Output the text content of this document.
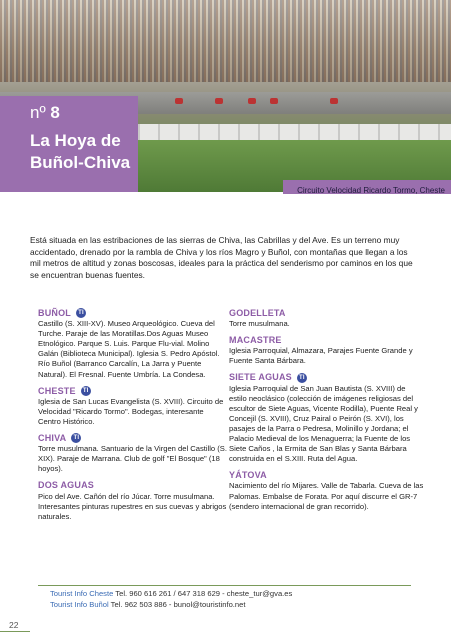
nº 8
La Hoya de
Buñol-Chiva
Circuito Velocidad Ricardo Tormo, Cheste

Está situada en las estribaciones de las sierras de Chiva, las Cabrillas y del Ave. Es un terreno muy accidentado, drenado por la rambla de Chiva y los ríos Magro y Buñol, con montañas que llegan a los mil metros de altitud y zonas boscosas, ideales para la práctica del senderismo por caminos en los que se encuentran buenas fuentes.

BUÑOL	TI

Castillo (S. XIII-XV). Museo Arqueológico. Cueva del Turche. Paraje de las Moratillas.Dos Aguas Museo Etnológico. Parque S. Luis. Parque Flu-vial. Molino Galán (Biblioteca Municipal). Iglesia S. Pedro Apóstol. Río Buñol (Barranco Carcalín, La Jarra y Puente Natural). El Fresnal. Fuente Umbría. La Condesa.

CHESTE	TI

Iglesia de San Lucas Evangelista (S. XVIII). Circuito de Velocidad "Ricardo Tormo". Bodegas, interesante Centro Histórico.

CHIVA	TI

Torre musulmana. Santuario de la Virgen del Castillo (S. XIX). Paraje de Marrana. Club de golf "El Bosque" (18 hoyos).

DOS AGUAS

Pico del Ave. Cañón del río Júcar. Torre musulmana. Interesantes pinturas rupestres en sus cuevas y abrigos naturales.

GODELLETA

Torre musulmana.

MACASTRE

Iglesia Parroquial, Almazara, Parajes Fuente Grande y Fuente Santa Bárbara.

SIETE AGUAS	TI

Iglesia Parroquial de San Juan Bautista (S. XVIII) de estilo neoclásico (colección de imágenes religiosas del escultor de Siete Aguas, Vicente Rodilla), Puente Real y Concejil (S. XVIII), Cruz Pairal o Peirón (S. XVI), los pasajes de la Parra o Pedresa, Molinillo y Jordana; el Palacio Medieval de los Menaguerra; la Fuente de los Siete Caños , la Ermita de San Blas y Santa Bárbara construida en el S.XIII. Ruta del Agua.

YÁTOVA

Nacimiento del río Mijares. Valle de Tabarla. Cueva de las Palomas. Embalse de Forata. Por aquí discurre el GR-7 (sendero internacional de gran recorrido).

Tourist Info Cheste Tel. 960 616 261 / 647 318 629 - cheste_tur@gva.es
Tourist Info Buñol Tel. 962 503 886 - bunol@touristinfo.net
22
